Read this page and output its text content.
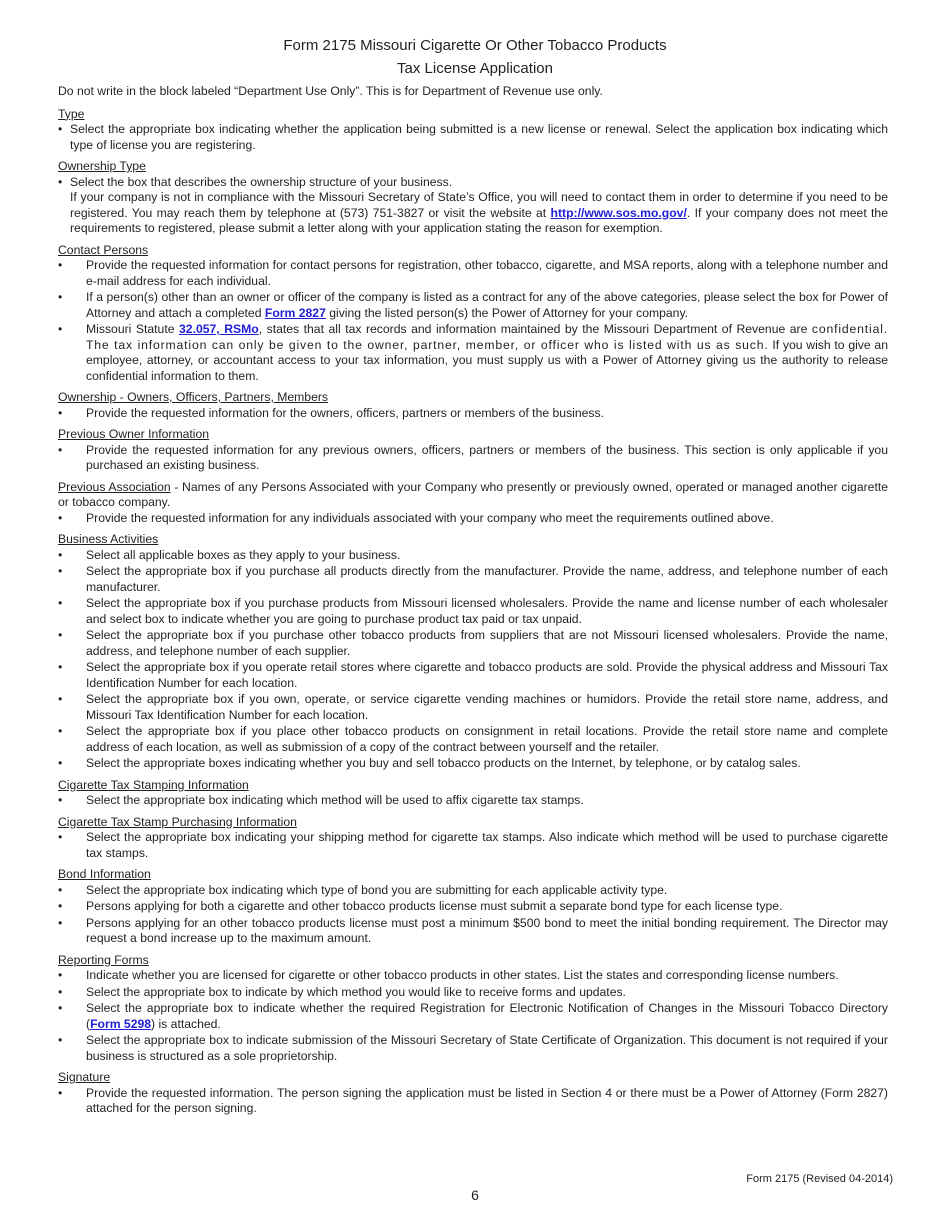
Form 2175 Missouri Cigarette Or Other Tobacco Products
Tax License Application

Do not write in the block labeled “Department Use Only”. This is for Department of Revenue use only.

Type

• Select the appropriate box indicating whether the application being submitted is a new license or renewal. Select the application box indicating which type of license you are registering.

Ownership Type

• Select the box that describes the ownership structure of your business.

If your company is not in compliance with the Missouri Secretary of State’s Office, you will need to contact them in order to determine if you need to be registered. You may reach them by telephone at (573) 751-3827 or visit the website at http://www.sos.mo.gov/. If your company does not meet the requirements to registered, please submit a letter along with your application stating the reason for exemption.

Contact Persons

• Provide the requested information for contact persons for registration, other tobacco, cigarette, and MSA reports, along with a telephone number and e-mail address for each individual.
• If a person(s) other than an owner or officer of the company is listed as a contract for any of the above categories, please select the box for Power of Attorney and attach a completed Form 2827 giving the listed person(s) the Power of Attorney for your company.
• Missouri Statute 32.057, RSMo, states that all tax records and information maintained by the Missouri Department of Revenue are confidential. The tax information can only be given to the owner, partner, member, or officer who is listed with us as such. If you wish to give an employee, attorney, or accountant access to your tax information, you must supply us with a Power of Attorney giving us the authority to release confidential information to them.

Ownership - Owners, Officers, Partners, Members

• Provide the requested information for the owners, officers, partners or members of the business.

Previous Owner Information

• Provide the requested information for any previous owners, officers, partners or members of the business. This section is only applicable if you purchased an existing business.

Previous Association - Names of any Persons Associated with your Company who presently or previously owned, operated or managed another cigarette or tobacco company.

• Provide the requested information for any individuals associated with your company who meet the requirements outlined above.

Business Activities

• Select all applicable boxes as they apply to your business.
• Select the appropriate box if you purchase all products directly from the manufacturer. Provide the name, address, and telephone number of each manufacturer.
• Select the appropriate box if you purchase products from Missouri licensed wholesalers. Provide the name and license number of each wholesaler and select box to indicate whether you are going to purchase product tax paid or tax unpaid.
• Select the appropriate box if you purchase other tobacco products from suppliers that are not Missouri licensed wholesalers. Provide the name, address, and telephone number of each supplier.
• Select the appropriate box if you operate retail stores where cigarette and tobacco products are sold. Provide the physical address and Missouri Tax Identification Number for each location.
• Select the appropriate box if you own, operate, or service cigarette vending machines or humidors. Provide the retail store name, address, and Missouri Tax Identification Number for each location.
• Select the appropriate box if you place other tobacco products on consignment in retail locations. Provide the retail store name and complete address of each location, as well as submission of a copy of the contract between yourself and the retailer.
• Select the appropriate boxes indicating whether you buy and sell tobacco products on the Internet, by telephone, or by catalog sales.

Cigarette Tax Stamping Information

• Select the appropriate box indicating which method will be used to affix cigarette tax stamps.

Cigarette Tax Stamp Purchasing Information

• Select the appropriate box indicating your shipping method for cigarette tax stamps. Also indicate which method will be used to purchase cigarette tax stamps.

Bond Information

• Select the appropriate box indicating which type of bond you are submitting for each applicable activity type.
• Persons applying for both a cigarette and other tobacco products license must submit a separate bond type for each license type.
• Persons applying for an other tobacco products license must post a minimum $500 bond to meet the initial bonding requirement. The Director may request a bond increase up to the maximum amount.

Reporting Forms

• Indicate whether you are licensed for cigarette or other tobacco products in other states. List the states and corresponding license numbers.
• Select the appropriate box to indicate by which method you would like to receive forms and updates.
• Select the appropriate box to indicate whether the required Registration for Electronic Notification of Changes in the Missouri Tobacco Directory (Form 5298) is attached.
• Select the appropriate box to indicate submission of the Missouri Secretary of State Certificate of Organization. This document is not required if your business is structured as a sole proprietorship.

Signature

• Provide the requested information. The person signing the application must be listed in Section 4 or there must be a Power of Attorney (Form 2827) attached for the person signing.
Form 2175 (Revised 04-2014)
6
